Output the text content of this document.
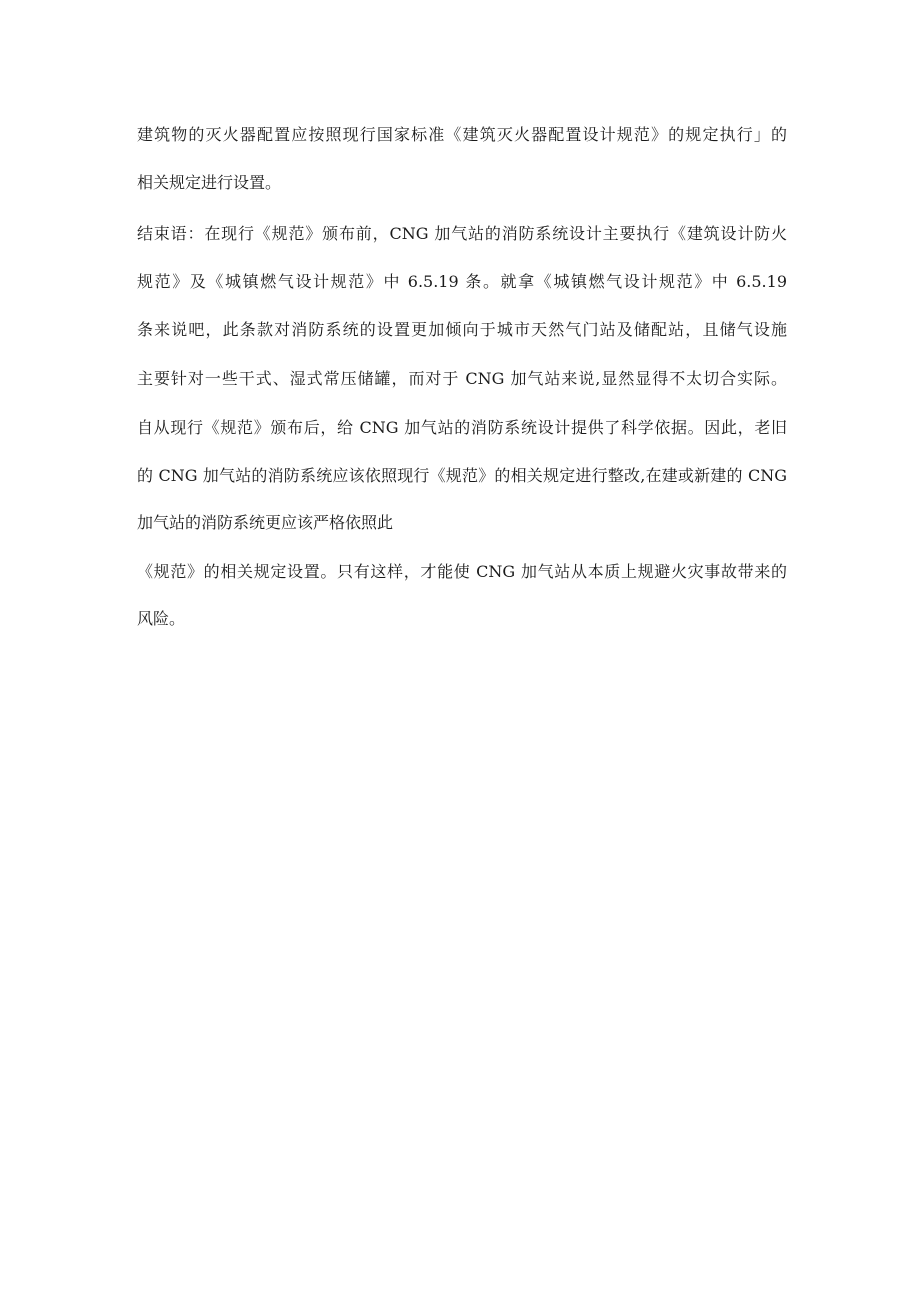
建筑物的灭火器配置应按照现行国家标准《建筑灭火器配置设计规范》的规定执行」的
相关规定进行设置。
结束语：在现行《规范》颁布前，CNG 加气站的消防系统设计主要执行《建筑设计防火
规范》及《城镇燃气设计规范》中 6.5.19 条。就拿《城镇燃气设计规范》中 6.5.19
条来说吧，此条款对消防系统的设置更加倾向于城市天然气门站及储配站，且储气设施
主要针对一些干式、湿式常压储罐，而对于 CNG 加气站来说,显然显得不太切合实际。
自从现行《规范》颁布后，给 CNG 加气站的消防系统设计提供了科学依据。因此，老旧
的 CNG 加气站的消防系统应该依照现行《规范》的相关规定进行整改,在建或新建的 CNG
加气站的消防系统更应该严格依照此
《规范》的相关规定设置。只有这样，才能使 CNG 加气站从本质上规避火灾事故带来的
风险。
